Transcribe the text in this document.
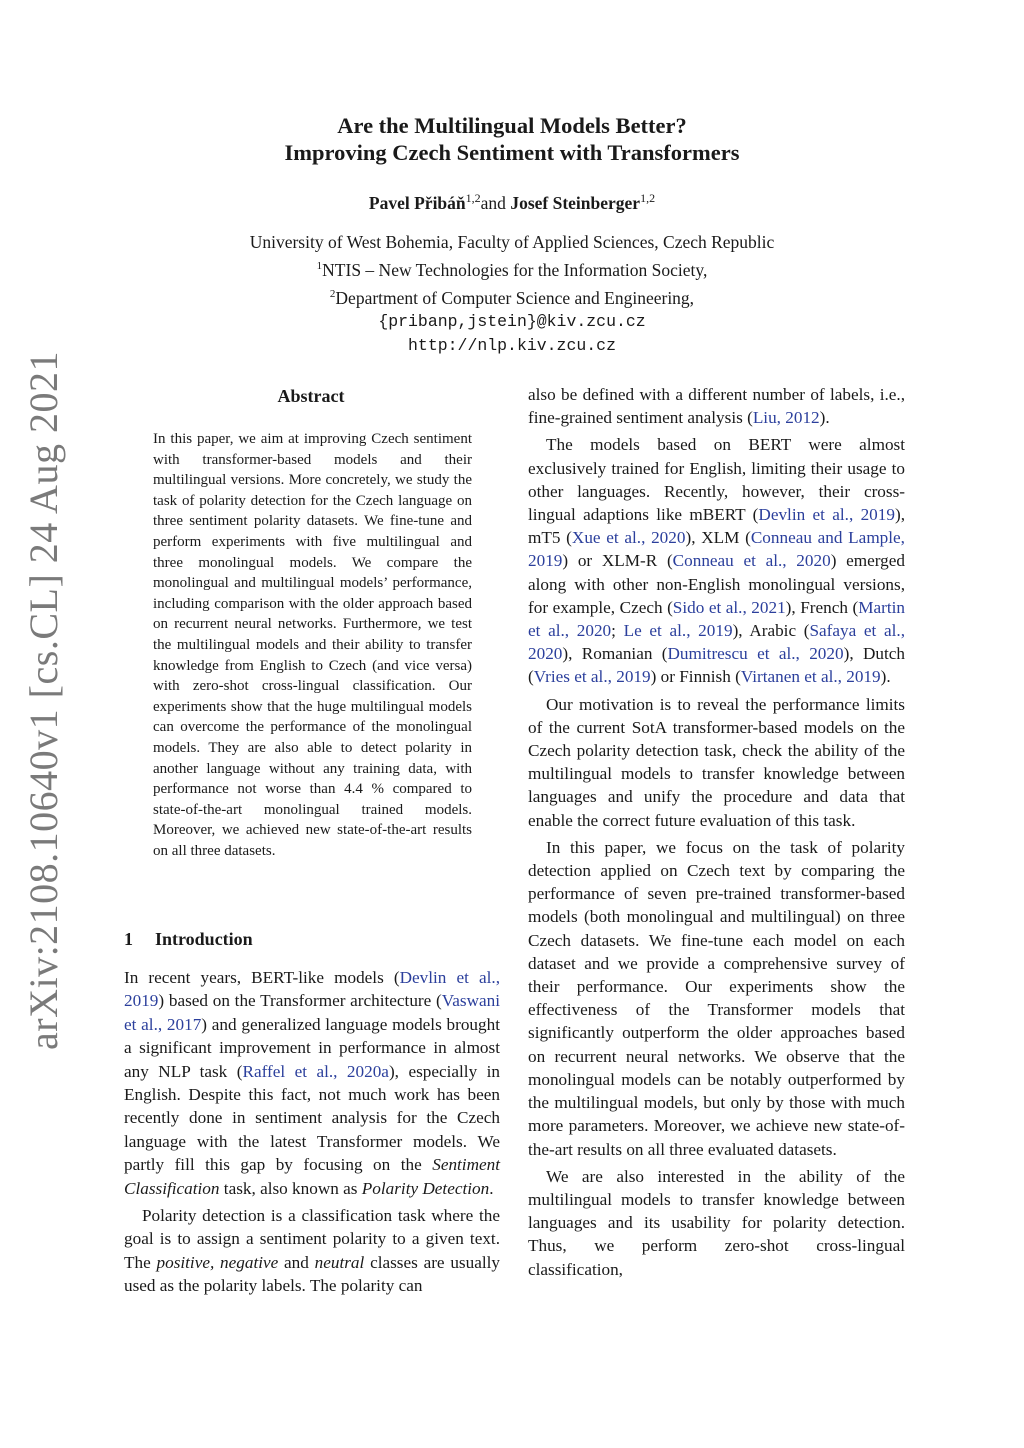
arXiv:2108.10640v1 [cs.CL] 24 Aug 2021
Are the Multilingual Models Better?
Improving Czech Sentiment with Transformers
Pavel Přibáň$^{1,2}$and Josef Steinberger$^{1,2}$
University of West Bohemia, Faculty of Applied Sciences, Czech Republic
$^1$NTIS – New Technologies for the Information Society,
$^2$Department of Computer Science and Engineering,
{pribanp,jstein}@kiv.zcu.cz
http://nlp.kiv.zcu.cz
Abstract
In this paper, we aim at improving Czech sentiment with transformer-based models and their multilingual versions. More concretely, we study the task of polarity detection for the Czech language on three sentiment polarity datasets. We fine-tune and perform experiments with five multilingual and three monolingual models. We compare the monolingual and multilingual models’ performance, including comparison with the older approach based on recurrent neural networks. Furthermore, we test the multilingual models and their ability to transfer knowledge from English to Czech (and vice versa) with zero-shot cross-lingual classification. Our experiments show that the huge multilingual models can overcome the performance of the monolingual models. They are also able to detect polarity in another language without any training data, with performance not worse than 4.4 % compared to state-of-the-art monolingual trained models. Moreover, we achieved new state-of-the-art results on all three datasets.
1 Introduction

In recent years, BERT-like models (Devlin et al., 2019) based on the Transformer architecture (Vaswani et al., 2017) and generalized language models brought a significant improvement in performance in almost any NLP task (Raffel et al., 2020a), especially in English. Despite this fact, not much work has been recently done in sentiment analysis for the Czech language with the latest Transformer models. We partly fill this gap by focusing on the Sentiment Classification task, also known as Polarity Detection.

Polarity detection is a classification task where the goal is to assign a sentiment polarity to a given text. The positive, negative and neutral classes are usually used as the polarity labels. The polarity can

also be defined with a different number of labels, i.e., fine-grained sentiment analysis (Liu, 2012).

The models based on BERT were almost exclusively trained for English, limiting their usage to other languages. Recently, however, their cross-lingual adaptions like mBERT (Devlin et al., 2019), mT5 (Xue et al., 2020), XLM (Conneau and Lample, 2019) or XLM-R (Conneau et al., 2020) emerged along with other non-English monolingual versions, for example, Czech (Sido et al., 2021), French (Martin et al., 2020; Le et al., 2019), Arabic (Safaya et al., 2020), Romanian (Dumitrescu et al., 2020), Dutch (Vries et al., 2019) or Finnish (Virtanen et al., 2019).

Our motivation is to reveal the performance limits of the current SotA transformer-based models on the Czech polarity detection task, check the ability of the multilingual models to transfer knowledge between languages and unify the procedure and data that enable the correct future evaluation of this task.

In this paper, we focus on the task of polarity detection applied on Czech text by comparing the performance of seven pre-trained transformer-based models (both monolingual and multilingual) on three Czech datasets. We fine-tune each model on each dataset and we provide a comprehensive survey of their performance. Our experiments show the effectiveness of the Transformer models that significantly outperform the older approaches based on recurrent neural networks. We observe that the monolingual models can be notably outperformed by the multilingual models, but only by those with much more parameters. Moreover, we achieve new state-of-the-art results on all three evaluated datasets.

We are also interested in the ability of the multilingual models to transfer knowledge between languages and its usability for polarity detection. Thus, we perform zero-shot cross-lingual classification,
